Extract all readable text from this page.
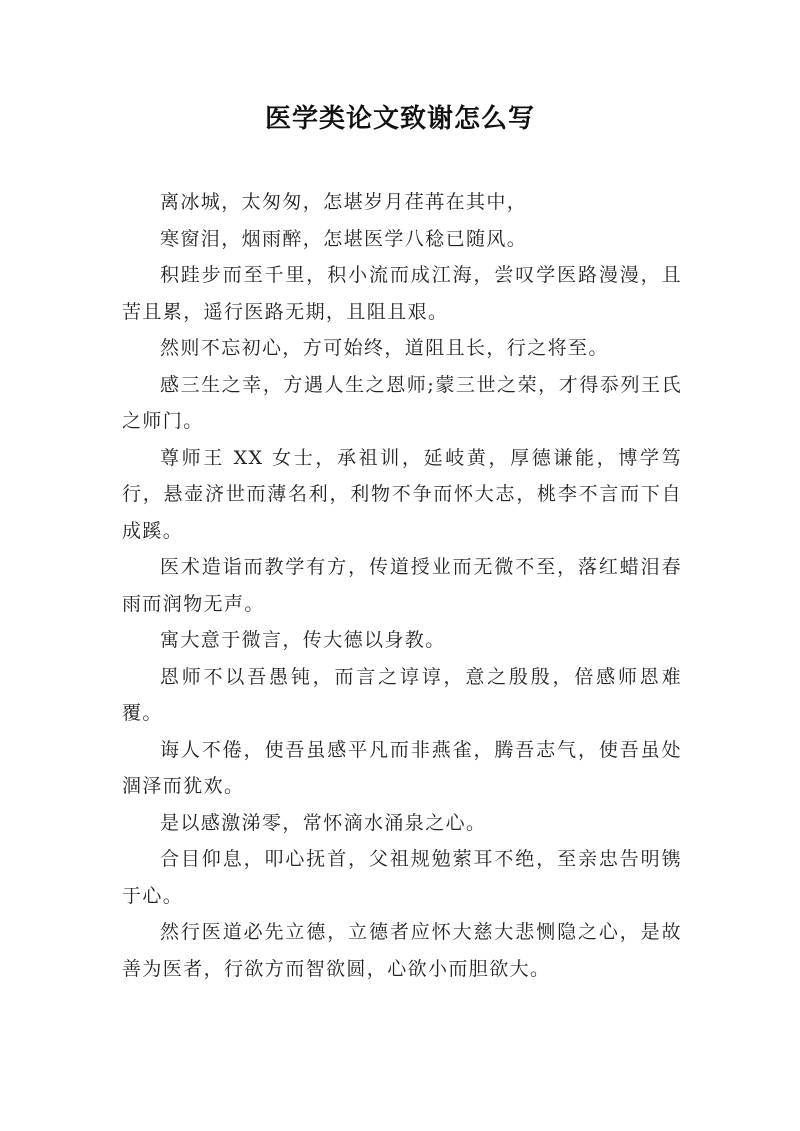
医学类论文致谢怎么写

离冰城，太匆匆，怎堪岁月荏苒在其中，

寒窗泪，烟雨醉，怎堪医学八稔已随风。

积跬步而至千里，积小流而成江海，尝叹学医路漫漫，且苦且累，遥行医路无期，且阻且艰。

然则不忘初心，方可始终，道阻且长，行之将至。

感三生之幸，方遇人生之恩师;蒙三世之荣，才得忝列王氏之师门。

尊师王 XX 女士，承祖训，延岐黄，厚德谦能，博学笃行，悬壶济世而薄名利，利物不争而怀大志，桃李不言而下自成蹊。

医术造诣而教学有方，传道授业而无微不至，落红蜡泪春雨而润物无声。

寓大意于微言，传大德以身教。

恩师不以吾愚钝，而言之谆谆，意之殷殷，倍感师恩难覆。

诲人不倦，使吾虽感平凡而非燕雀，腾吾志气，使吾虽处涸泽而犹欢。

是以感激涕零，常怀滴水涌泉之心。

合目仰息，叩心抚首，父祖规勉萦耳不绝，至亲忠告明镌于心。

然行医道必先立德，立德者应怀大慈大悲恻隐之心，是故善为医者，行欲方而智欲圆，心欲小而胆欲大。
